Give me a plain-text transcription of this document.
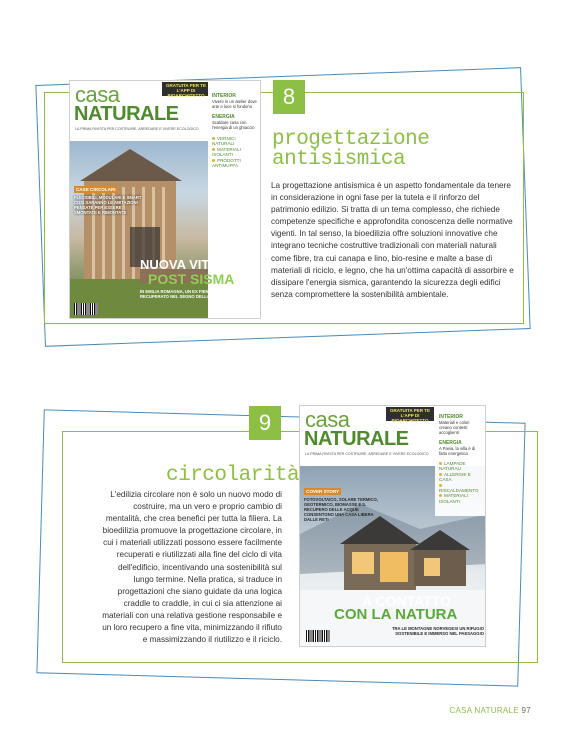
casa
NATURALE
LA PRIMA RIVISTA PER COSTRUIRE, ARREDARE E VIVERE ECOLOGICO
GRATUITA PER TE L'APP DI BIOARCHITETTO	INTERIOR

Vivere in un atelier dove arte e luce si fondono

ENERGIA

Scaldare casa con l'energia di un ghiaccio

VERNICI NATURALI

MATERIALI ISOLANTI

PRODOTTI ANTIMUFFA

CASE CIRCOLARI
FLESSIBILI, MODULARI E SMART COSÌ SARANNO LE ABITAZIONI PENSATE PER ESSERE SMONTATE E RIMONTATE
NUOVA VITA
POST SISMA
IN EMILIA ROMAGNA, UN EX FIENILE È STATO RECUPERATO NEL SEGNO DELLA CONTINUITÀ
8
progettazione
antisismica

La progettazione antisismica è un aspetto fondamentale da tenere in considerazione in ogni fase per la tutela e il rinforzo del patrimonio edilizio. Si tratta di un tema complesso, che richiede competenze specifiche e approfondita conoscenza delle normative vigenti. In tal senso, la bioedilizia offre soluzioni innovative che integrano tecniche costruttive tradizionali con materiali naturali come fibre, tra cui canapa e lino, bio-resine e malte a base di materiali di riciclo, e legno, che ha un'ottima capacità di assorbire e dissipare l'energia sismica, garantendo la sicurezza degli edifici senza compromettere la sostenibilità ambientale.

9
circolarità

L'edilizia circolare non è solo un nuovo modo di costruire, ma un vero e proprio cambio di mentalità, che crea benefici per tutta la filiera. La bioedilizia promuove la progettazione circolare, in cui i materiali utilizzati possono essere facilmente recuperati e riutilizzati alla fine del ciclo di vita dell'edificio, incentivando una sostenibilità sul lungo termine. Nella pratica, si traduce in progettazioni che siano guidate da una logica craddle to craddle, in cui ci sia attenzione ai materiali con una relativa gestione responsabile e un loro recupero a fine vita, minimizzando il rifiuto e massimizzando il riutilizzo e il riciclo.

casa
NATURALE
LA PRIMA RIVISTA PER COSTRUIRE, ARREDARE E VIVERE ECOLOGICO
GRATUITA PER TE L'APP DI BIOARCHITETTO

INTERIOR

Materiali e colori creano contesti accoglienti

ENERGIA

A Pavia, la villa è di fatto energetica

LAMPADE NATURALI

ALLERGIE E CASA

RISCALDAMENTO

MATERIALI ISOLANTI

COVER STORY
FOTOVOLTAICO, SOLARE TERMICO, GEOTERMICO, BIOMASSE E IL RECUPERO DELLE ACQUE CONSENTONO UNA CASA LIBERA DALLE RETI
A CONTATTO
CON LA NATURA
TRA LE MONTAGNE NORVEGESI UN RIFUGIO SOSTENIBILE E IMMERSO NEL PAESAGGIO
CASA NATURALE 97
